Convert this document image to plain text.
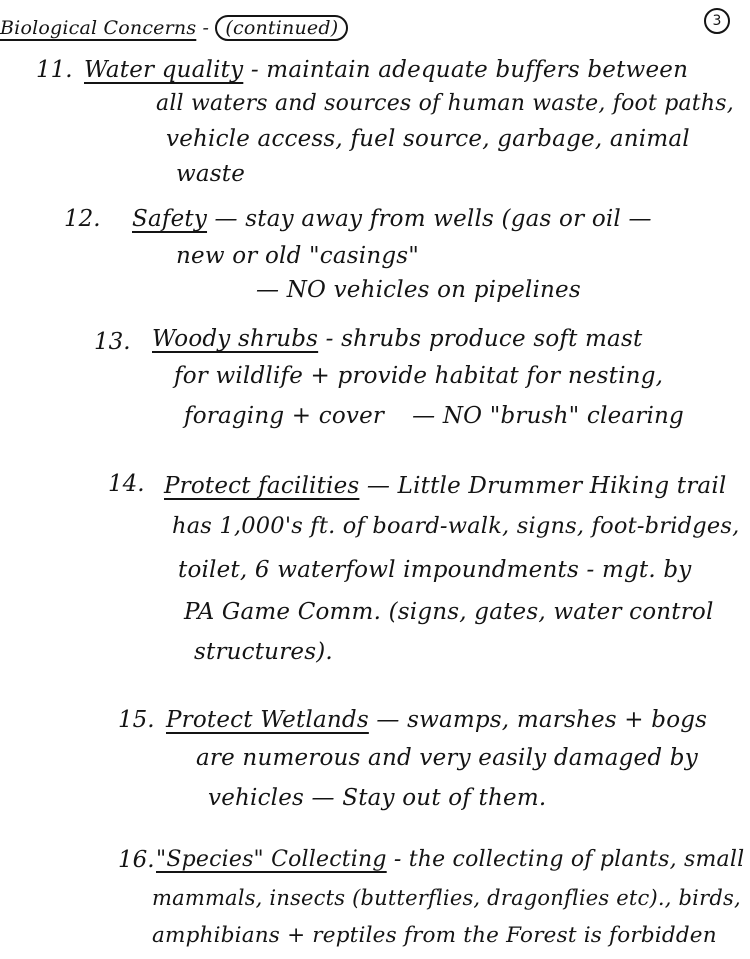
3
Biological Concerns - (continued)
11. Water quality - maintain adequate buffers between
all waters and sources of human waste, foot paths,
vehicle access, fuel source, garbage, animal
waste
12. Safety — stay away from wells (gas or oil —
new or old "casings"
— NO vehicles on pipelines
13. Woody shrubs - shrubs produce soft mast
for wildlife + provide habitat for nesting,
foraging + cover — NO "brush" clearing
14. Protect facilities — Little Drummer Hiking trail
has 1,000's ft. of board-walk, signs, foot-bridges,
toilet, 6 waterfowl impoundments - mgt. by
PA Game Comm. (signs, gates, water control
structures).
15. Protect Wetlands — swamps, marshes + bogs
are numerous and very easily damaged by
vehicles — Stay out of them.
16. "Species" Collecting - the collecting of plants, small
mammals, insects (butterflies, dragonflies etc)., birds,
amphibians + reptiles from the Forest is forbidden
